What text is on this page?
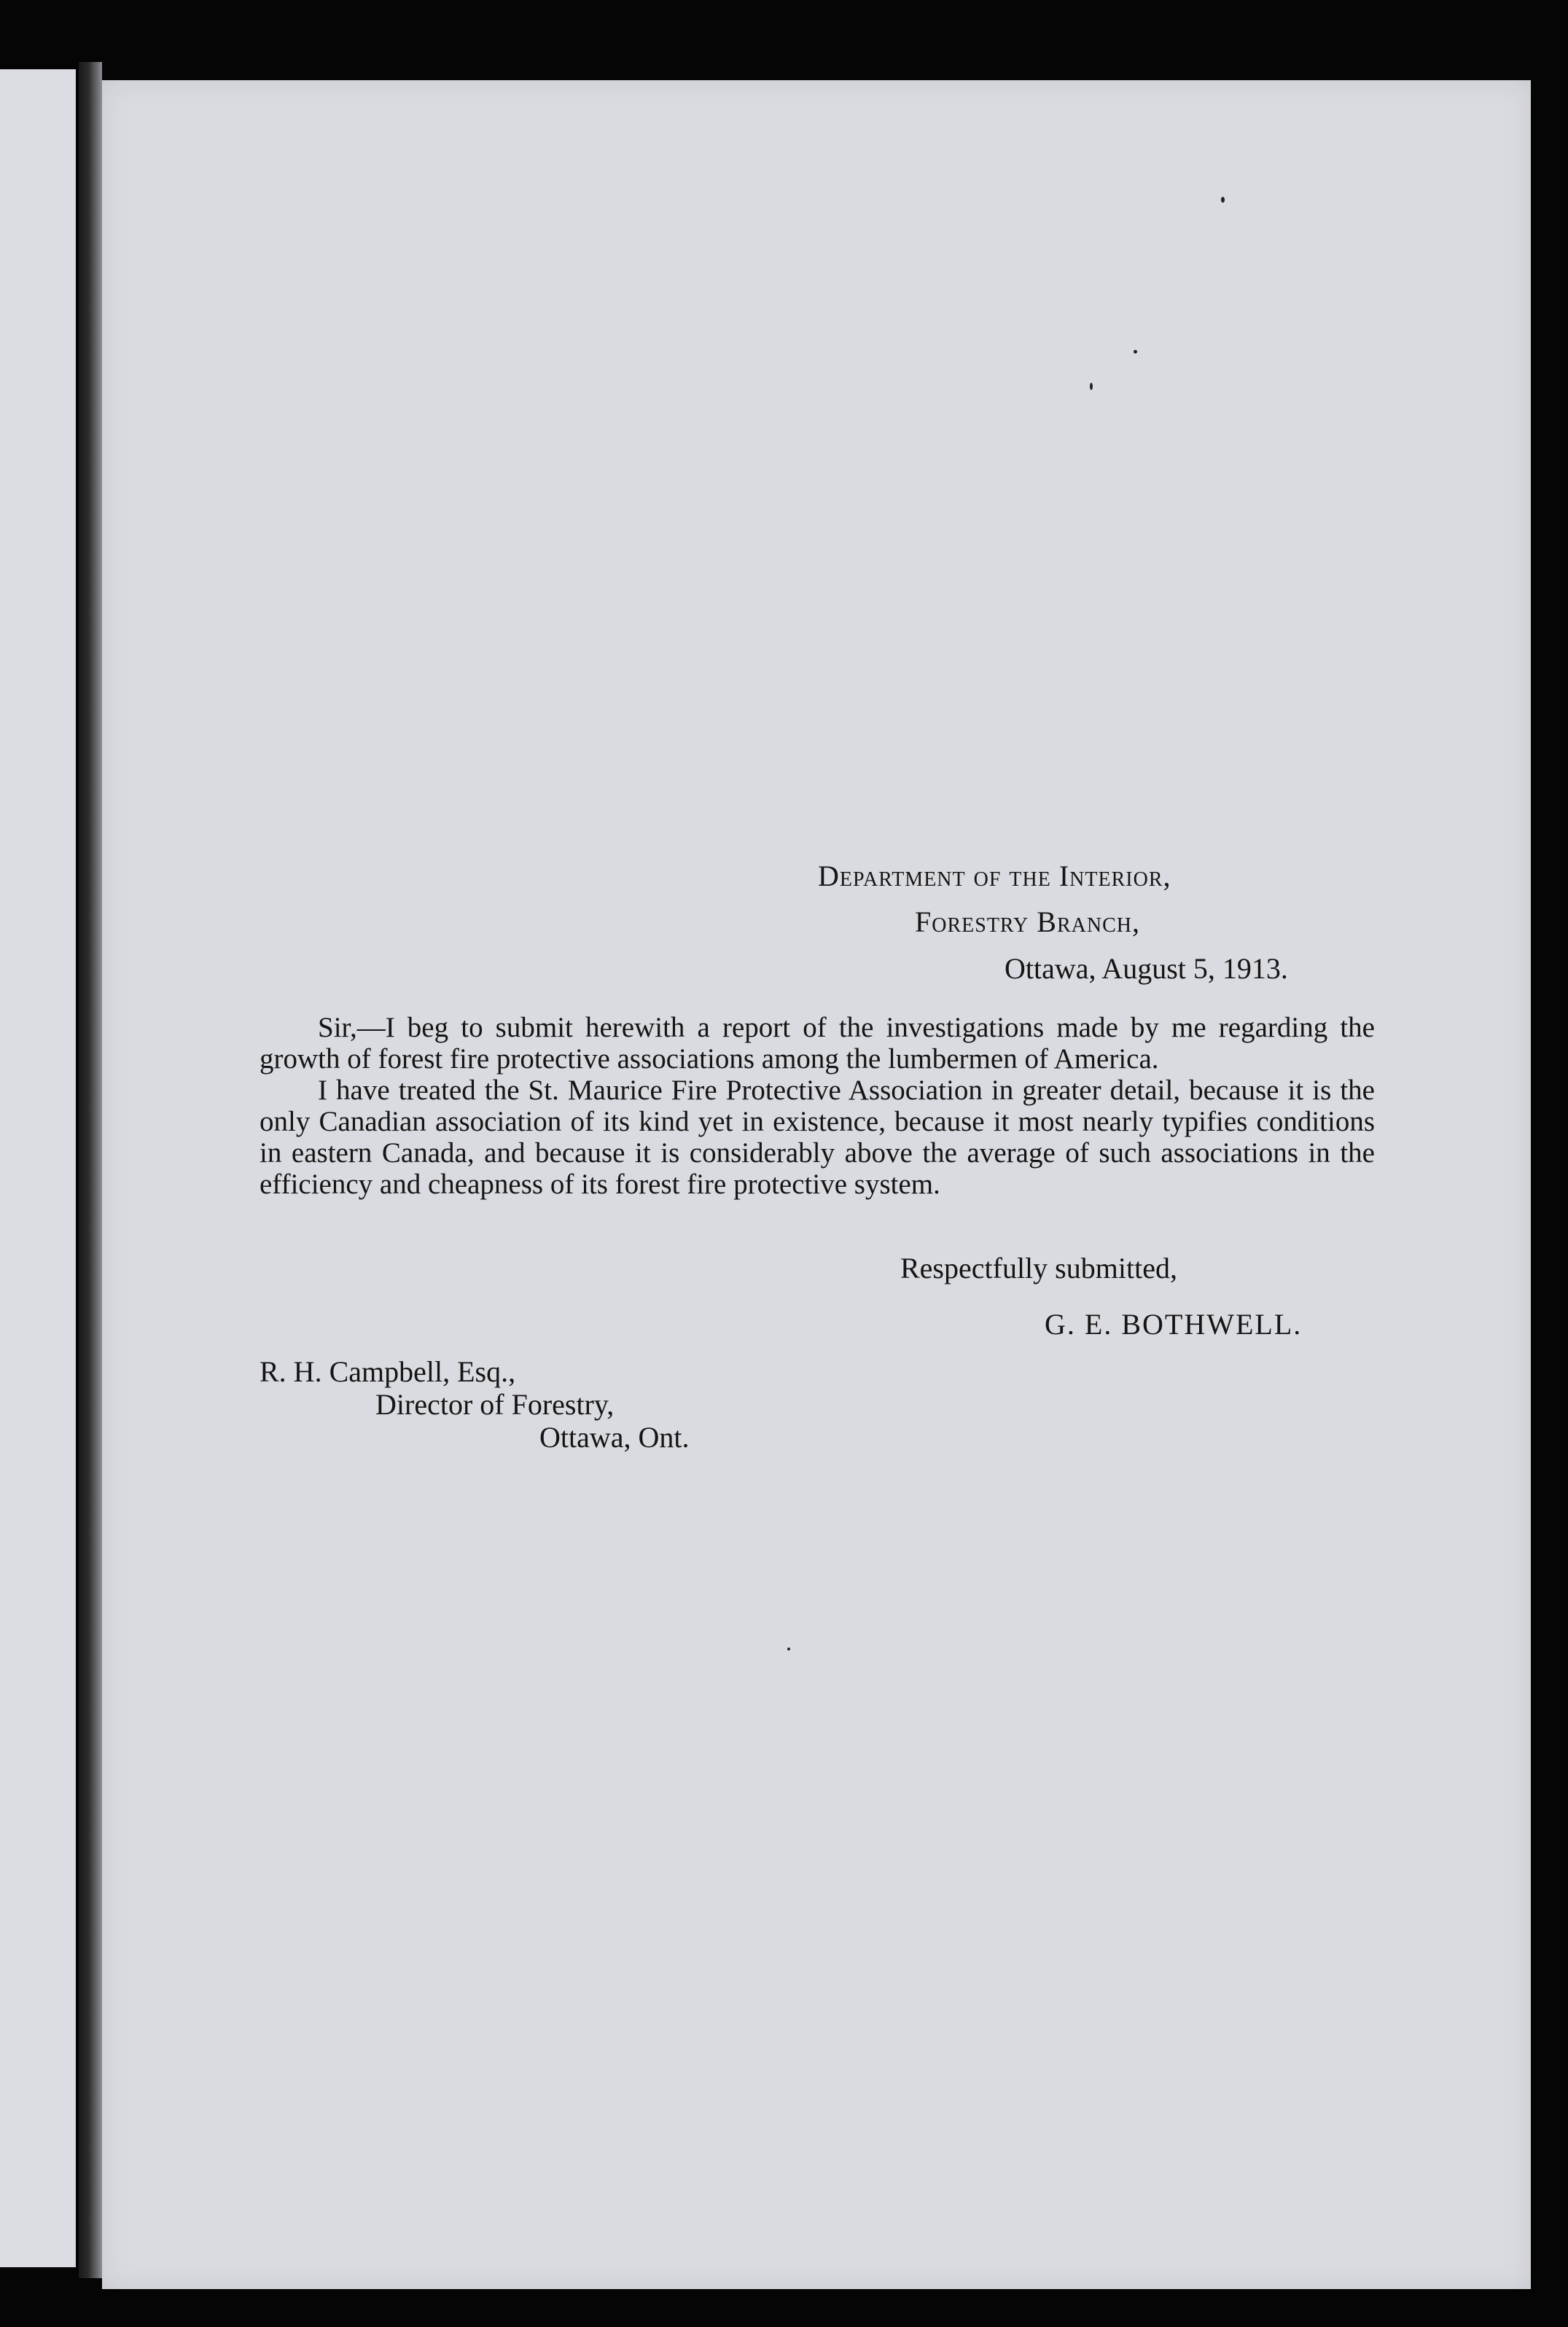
Department of the Interior,
Forestry Branch,
Ottawa, August 5, 1913.

Sir,—I beg to submit herewith a report of the investigations made by me regarding the growth of forest fire protective associations among the lumbermen of America.

I have treated the St. Maurice Fire Protective Association in greater detail, because it is the only Canadian association of its kind yet in existence, because it most nearly typifies conditions in eastern Canada, and because it is considerably above the average of such associations in the efficiency and cheapness of its forest fire protective system.

Respectfully submitted,
G. E. BOTHWELL.
R. H. Campbell, Esq.,
Director of Forestry,
Ottawa, Ont.
